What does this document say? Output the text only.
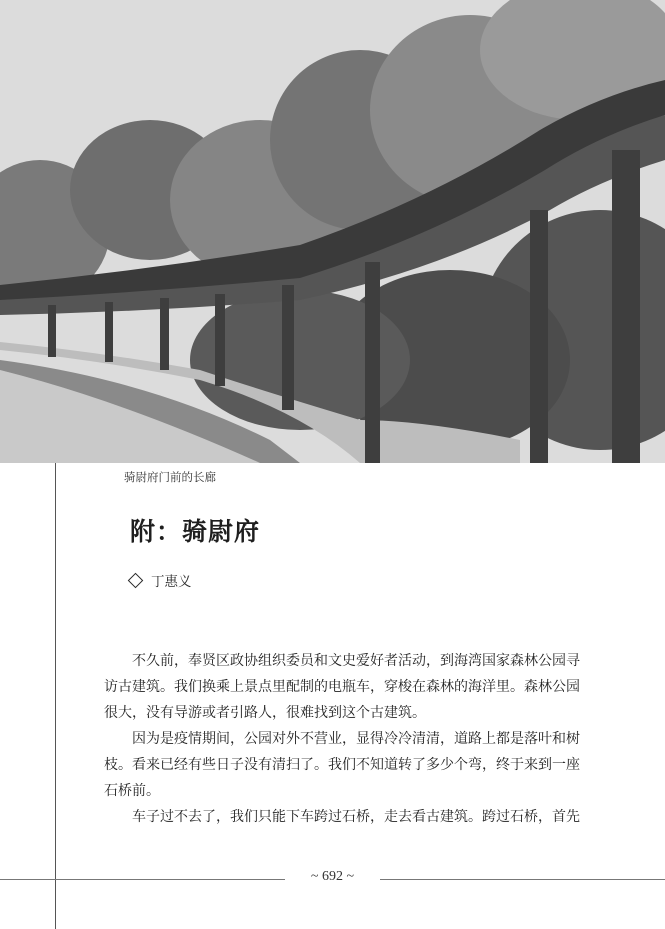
骑尉府门前的长廊
附：骑尉府
丁惠义

不久前，奉贤区政协组织委员和文史爱好者活动，到海湾国家森林公园寻访古建筑。我们换乘上景点里配制的电瓶车，穿梭在森林的海洋里。森林公园很大，没有导游或者引路人，很难找到这个古建筑。

因为是疫情期间，公园对外不营业，显得冷冷清清，道路上都是落叶和树枝。看来已经有些日子没有清扫了。我们不知道转了多少个弯，终于来到一座石桥前。

车子过不去了，我们只能下车跨过石桥，走去看古建筑。跨过石桥，首先

~ 692 ~
